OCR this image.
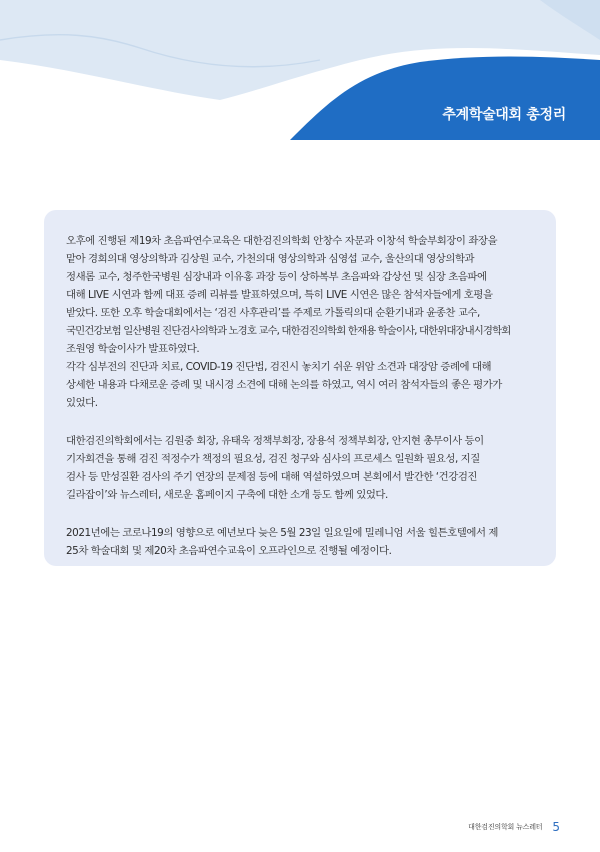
추계학술대회 총정리

오후에 진행된 제19차 초음파연수교육은 대한검진의학회 안창수 자문과 이창석 학술부회장이 좌장을
맡아 경희의대 영상의학과 김상원 교수, 가천의대 영상의학과 심영섭 교수, 울산의대 영상의학과
정새롬 교수, 청주한국병원 심장내과 이유홍 과장 등이 상하복부 초음파와 갑상선 및 심장 초음파에
대해 LIVE 시연과 함께 대표 증례 리뷰를 발표하였으며, 특히 LIVE 시연은 많은 참석자들에게 호평을
받았다. 또한 오후 학술대회에서는 ‘검진 사후관리’를 주제로 가톨릭의대 순환기내과 윤종찬 교수,
국민건강보험 일산병원 진단검사의학과 노경호 교수, 대한검진의학회 한재용 학술이사, 대한위대장내시경학회
조원영 학술이사가 발표하였다.
각각 심부전의 진단과 치료, COVID-19 진단법, 검진시 놓치기 쉬운 위암 소견과 대장암 증례에 대해
상세한 내용과 다채로운 증례 및 내시경 소견에 대해 논의를 하였고, 역시 여러 참석자들의 좋은 평가가
있었다.

대한검진의학회에서는 김원중 회장, 유태욱 정책부회장, 장용석 정책부회장, 안지현 총무이사 등이
기자회견을 통해 검진 적정수가 책정의 필요성, 검진 청구와 심사의 프로세스 일원화 필요성, 지질
검사 등 만성질환 검사의 주기 연장의 문제점 등에 대해 역설하였으며 본회에서 발간한 ‘건강검진
길라잡이’와 뉴스레터, 새로운 홈페이지 구축에 대한 소개 등도 함께 있었다.

2021년에는 코로나19의 영향으로 예년보다 늦은 5월 23일 일요일에 밀레니엄 서울 힐튼호텔에서 제
25차 학술대회 및 제20차 초음파연수교육이 오프라인으로 진행될 예정이다.

대한검진의학회 뉴스레터 5
